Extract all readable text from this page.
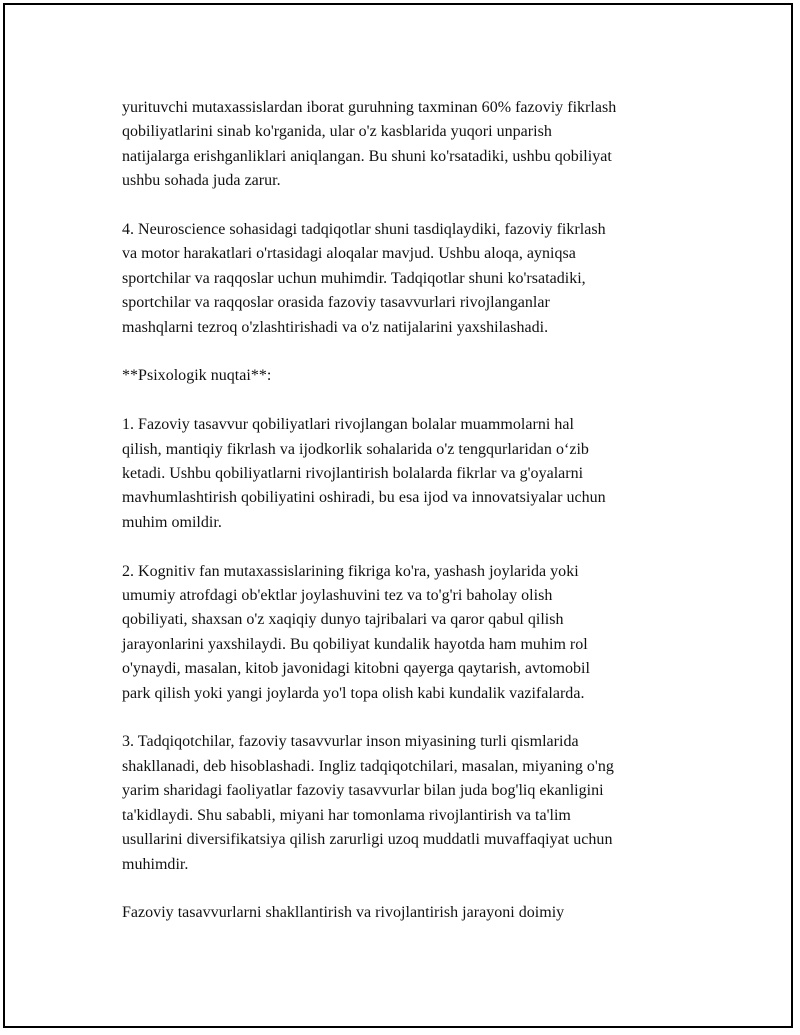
yurituvchi mutaxassislardan iborat guruhning taxminan 60% fazoviy fikrlash
qobiliyatlarini sinab ko'rganida, ular o'z kasblarida yuqori unparish
natijalarga erishganliklari aniqlangan. Bu shuni ko'rsatadiki, ushbu qobiliyat
ushbu sohada juda zarur.

4. Neuroscience sohasidagi tadqiqotlar shuni tasdiqlaydiki, fazoviy fikrlash
va motor harakatlari o'rtasidagi aloqalar mavjud. Ushbu aloqa, ayniqsa
sportchilar va raqqoslar uchun muhimdir. Tadqiqotlar shuni ko'rsatadiki,
sportchilar va raqqoslar orasida fazoviy tasavvurlari rivojlanganlar
mashqlarni tezroq o'zlashtirishadi va o'z natijalarini yaxshilashadi.

**Psixologik nuqtai**:

1. Fazoviy tasavvur qobiliyatlari rivojlangan bolalar muammolarni hal
qilish, mantiqiy fikrlash va ijodkorlik sohalarida o'z tengqurlaridan o‘zib
ketadi. Ushbu qobiliyatlarni rivojlantirish bolalarda fikrlar va g'oyalarni
mavhumlashtirish qobiliyatini oshiradi, bu esa ijod va innovatsiyalar uchun
muhim omildir.

2. Kognitiv fan mutaxassislarining fikriga ko'ra, yashash joylarida yoki
umumiy atrofdagi ob'ektlar joylashuvini tez va to'g'ri baholay olish
qobiliyati, shaxsan o'z xaqiqiy dunyo tajribalari va qaror qabul qilish
jarayonlarini yaxshilaydi. Bu qobiliyat kundalik hayotda ham muhim rol
o'ynaydi, masalan, kitob javonidagi kitobni qayerga qaytarish, avtomobil
park qilish yoki yangi joylarda yo'l topa olish kabi kundalik vazifalarda.

3. Tadqiqotchilar, fazoviy tasavvurlar inson miyasining turli qismlarida
shakllanadi, deb hisoblashadi. Ingliz tadqiqotchilari, masalan, miyaning o'ng
yarim sharidagi faoliyatlar fazoviy tasavvurlar bilan juda bog'liq ekanligini
ta'kidlaydi. Shu sababli, miyani har tomonlama rivojlantirish va ta'lim
usullarini diversifikatsiya qilish zarurligi uzoq muddatli muvaffaqiyat uchun
muhimdir.

Fazoviy tasavvurlarni shakllantirish va rivojlantirish jarayoni doimiy
